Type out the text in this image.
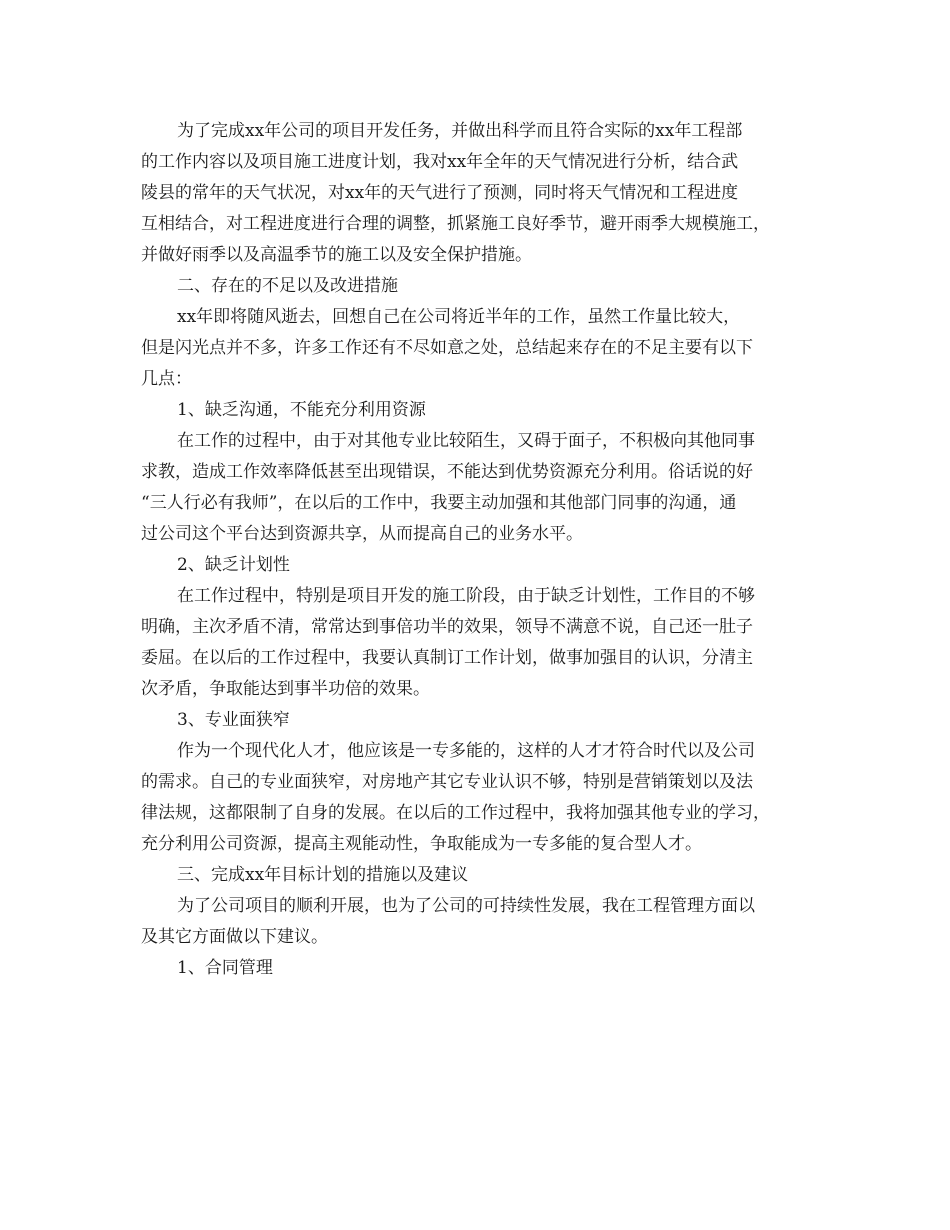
为了完成xx年公司的项目开发任务，并做出科学而且符合实际的xx年工程部
的工作内容以及项目施工进度计划，我对xx年全年的天气情况进行分析，结合武
陵县的常年的天气状况，对xx年的天气进行了预测，同时将天气情况和工程进度
互相结合，对工程进度进行合理的调整，抓紧施工良好季节，避开雨季大规模施工，
并做好雨季以及高温季节的施工以及安全保护措施。
二、存在的不足以及改进措施
xx年即将随风逝去，回想自己在公司将近半年的工作，虽然工作量比较大，
但是闪光点并不多，许多工作还有不尽如意之处，总结起来存在的不足主要有以下
几点：
1、缺乏沟通，不能充分利用资源
在工作的过程中，由于对其他专业比较陌生，又碍于面子，不积极向其他同事
求教，造成工作效率降低甚至出现错误，不能达到优势资源充分利用。俗话说的好
“三人行必有我师”，在以后的工作中，我要主动加强和其他部门同事的沟通，通
过公司这个平台达到资源共享，从而提高自己的业务水平。
2、缺乏计划性
在工作过程中，特别是项目开发的施工阶段，由于缺乏计划性，工作目的不够
明确，主次矛盾不清，常常达到事倍功半的效果，领导不满意不说，自己还一肚子
委屈。在以后的工作过程中，我要认真制订工作计划，做事加强目的认识，分清主
次矛盾，争取能达到事半功倍的效果。
3、专业面狭窄
作为一个现代化人才，他应该是一专多能的，这样的人才才符合时代以及公司
的需求。自己的专业面狭窄，对房地产其它专业认识不够，特别是营销策划以及法
律法规，这都限制了自身的发展。在以后的工作过程中，我将加强其他专业的学习，
充分利用公司资源，提高主观能动性，争取能成为一专多能的复合型人才。
三、完成xx年目标计划的措施以及建议
为了公司项目的顺利开展，也为了公司的可持续性发展，我在工程管理方面以
及其它方面做以下建议。
1、合同管理
